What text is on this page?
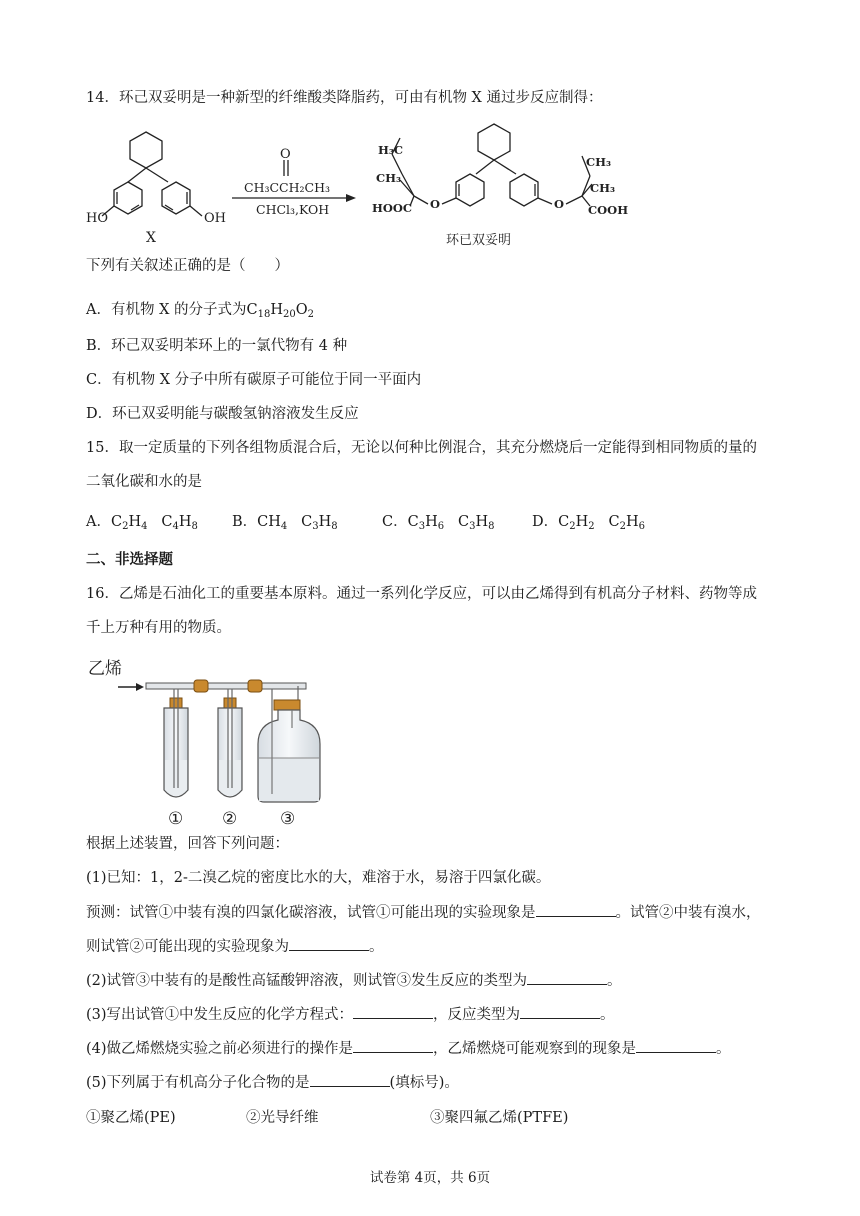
14．环己双妥明是一种新型的纤维酸类降脂药，可由有机物 X 通过步反应制得：
HO	OH
X
O
CH₃CCH₂CH₃
CHCl₃,KOH
H₃C
CH₃
HOOC O	O
CH₃
CH₃
COOH
环已双妥明
下列有关叙述正确的是（　　）
A．有机物 X 的分子式为$C_{18}H_{20}O_2$
B．环己双妥明苯环上的一氯代物有 4 种
C．有机物 X 分子中所有碳原子可能位于同一平面内
D．环已双妥明能与碳酸氢钠溶液发生反应
15．取一定质量的下列各组物质混合后，无论以何种比例混合，其充分燃烧后一定能得到相同物质的量的
二氧化碳和水的是
A．$C_2H_4$ $C_4H_8$ B．$CH_4$ $C_3H_8$	C．$C_3H_6$ $C_3H_8$	D．$C_2H_2$ $C_2H_6$
二、非选择题
16．乙烯是石油化工的重要基本原料。通过一系列化学反应，可以由乙烯得到有机高分子材料、药物等成
千上万种有用的物质。
乙烯
① ②	③
根据上述装置，回答下列问题：
(1)已知：1，2-二溴乙烷的密度比水的大，难溶于水，易溶于四氯化碳。
预测：试管①中装有溴的四氯化碳溶液，试管①可能出现的实验现象是	。试管②中装有溴水，
则试管②可能出现的实验现象为	。
(2)试管③中装有的是酸性高锰酸钾溶液，则试管③发生反应的类型为	。
(3)写出试管①中发生反应的化学方程式：	，反应类型为	。
(4)做乙烯燃烧实验之前必须进行的操作是	，乙烯燃烧可能观察到的现象是	。
(5)下列属于有机高分子化合物的是	(填标号)。
①聚乙烯(PE)	②光导纤维	③聚四氟乙烯(PTFE)
试卷第 4页，共 6页
